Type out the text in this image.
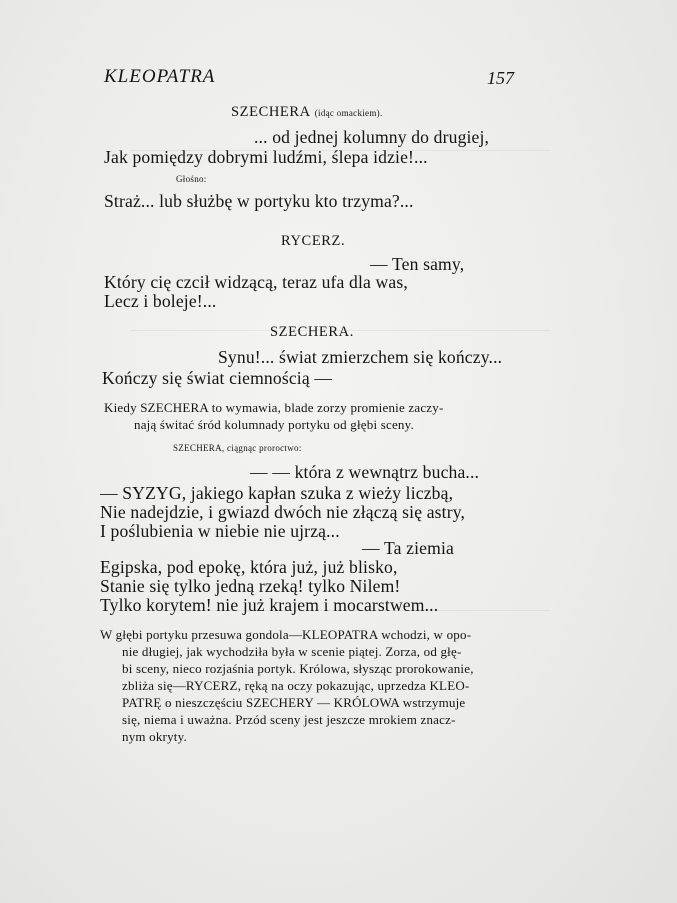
KLEOPATRA	157
SZECHERA (idąc omackiem).
... od jednej kolumny do drugiej,
Jak pomiędzy dobrymi ludźmi, ślepa idzie!...
Głośno:
Straż... lub służbę w portyku kto trzyma?...
RYCERZ.
— Ten samy,
Który cię czcił widzącą, teraz ufa dla was,
Lecz i boleje!...
SZECHERA.
Synu!... świat zmierzchem się kończy...
Kończy się świat ciemnością —
Kiedy SZECHERA to wymawia, blade zorzy promienie zaczy-
nają świtać śród kolumnady portyku od głębi sceny.
SZECHERA, ciągnąc proroctwo:
— — która z wewnątrz bucha...
— SYZYG, jakiego kapłan szuka z wieży liczbą,
Nie nadejdzie, i gwiazd dwóch nie złączą się astry,
I poślubienia w niebie nie ujrzą...
— Ta ziemia
Egipska, pod epokę, która już, już blisko,
Stanie się tylko jedną rzeką! tylko Nilem!
Tylko korytem! nie już krajem i mocarstwem...
W głębi portyku przesuwa gondola—KLEOPATRA wchodzi, w opo-
nie długiej, jak wychodziła była w scenie piątej. Zorza, od głę-
bi sceny, nieco rozjaśnia portyk. Królowa, słysząc prorokowanie,
zbliża się—RYCERZ, ręką na oczy pokazując, uprzedza KLEO-
PATRĘ o nieszczęściu SZECHERY — KRÓLOWA wstrzymuje
się, niema i uważna. Przód sceny jest jeszcze mrokiem znacz-
nym okryty.
